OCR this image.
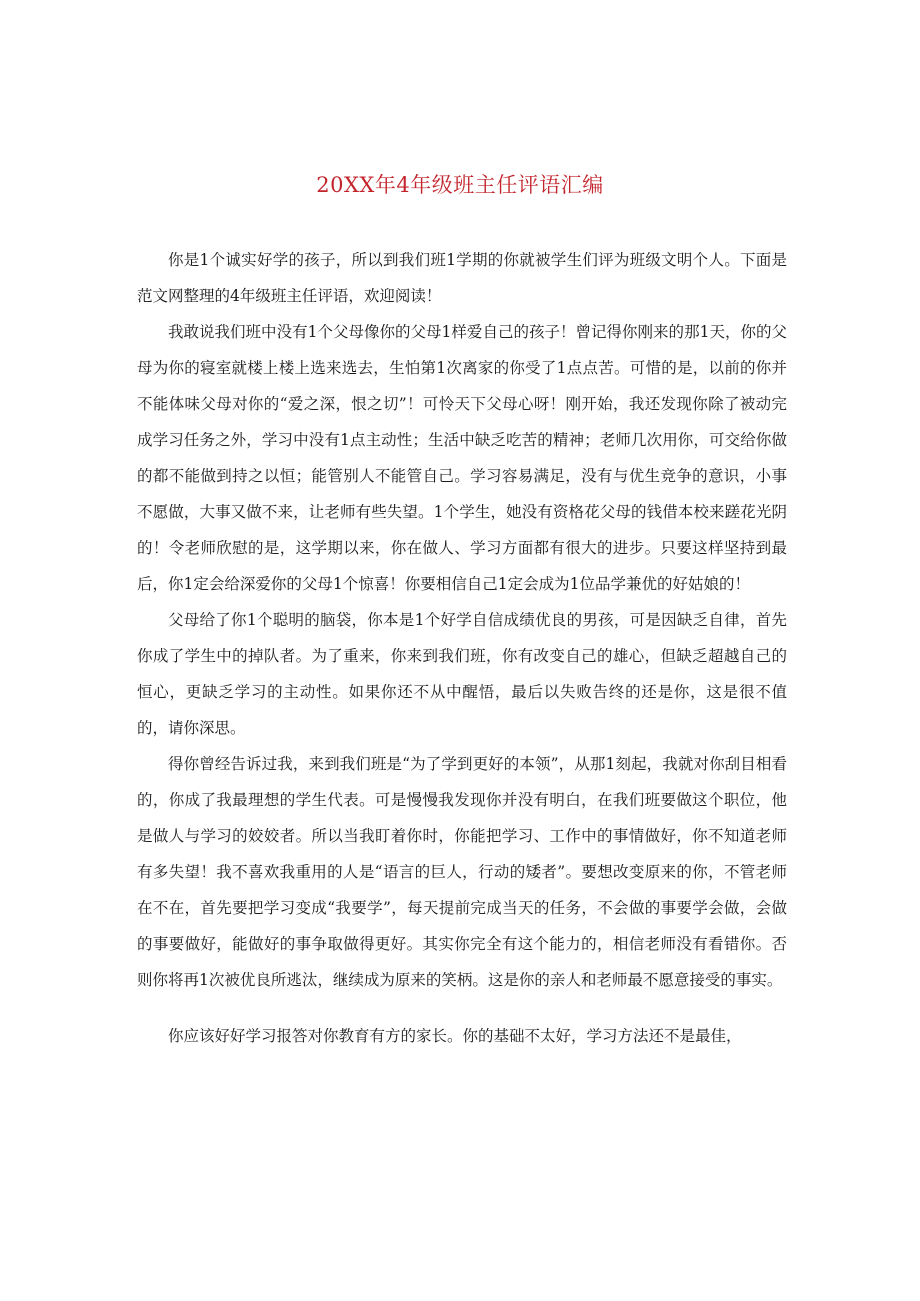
20XX年4年级班主任评语汇编

你是1个诚实好学的孩子，所以到我们班1学期的你就被学生们评为班级文明个人。下面是范文网整理的4年级班主任评语，欢迎阅读！

我敢说我们班中没有1个父母像你的父母1样爱自己的孩子！曾记得你刚来的那1天，你的父母为你的寝室就楼上楼上选来选去，生怕第1次离家的你受了1点点苦。可惜的是，以前的你并不能体味父母对你的“爱之深，恨之切”！可怜天下父母心呀！刚开始，我还发现你除了被动完成学习任务之外，学习中没有1点主动性；生活中缺乏吃苦的精神；老师几次用你，可交给你做的都不能做到持之以恒；能管别人不能管自己。学习容易满足，没有与优生竞争的意识，小事不愿做，大事又做不来，让老师有些失望。1个学生，她没有资格花父母的钱借本校来蹉花光阴的！令老师欣慰的是，这学期以来，你在做人、学习方面都有很大的进步。只要这样坚持到最后，你1定会给深爱你的父母1个惊喜！你要相信自己1定会成为1位品学兼优的好姑娘的！

父母给了你1个聪明的脑袋，你本是1个好学自信成绩优良的男孩，可是因缺乏自律，首先你成了学生中的掉队者。为了重来，你来到我们班，你有改变自己的雄心，但缺乏超越自己的恒心，更缺乏学习的主动性。如果你还不从中醒悟，最后以失败告终的还是你，这是很不值的，请你深思。

得你曾经告诉过我，来到我们班是“为了学到更好的本领”，从那1刻起，我就对你刮目相看的，你成了我最理想的学生代表。可是慢慢我发现你并没有明白，在我们班要做这个职位，他是做人与学习的姣姣者。所以当我盯着你时，你能把学习、工作中的事情做好，你不知道老师有多失望！我不喜欢我重用的人是“语言的巨人，行动的矮者”。要想改变原来的你，不管老师在不在，首先要把学习变成“我要学”，每天提前完成当天的任务，不会做的事要学会做，会做的事要做好，能做好的事争取做得更好。其实你完全有这个能力的，相信老师没有看错你。否则你将再1次被优良所逃汰，继续成为原来的笑柄。这是你的亲人和老师最不愿意接受的事实。

你应该好好学习报答对你教育有方的家长。你的基础不太好，学习方法还不是最佳，
